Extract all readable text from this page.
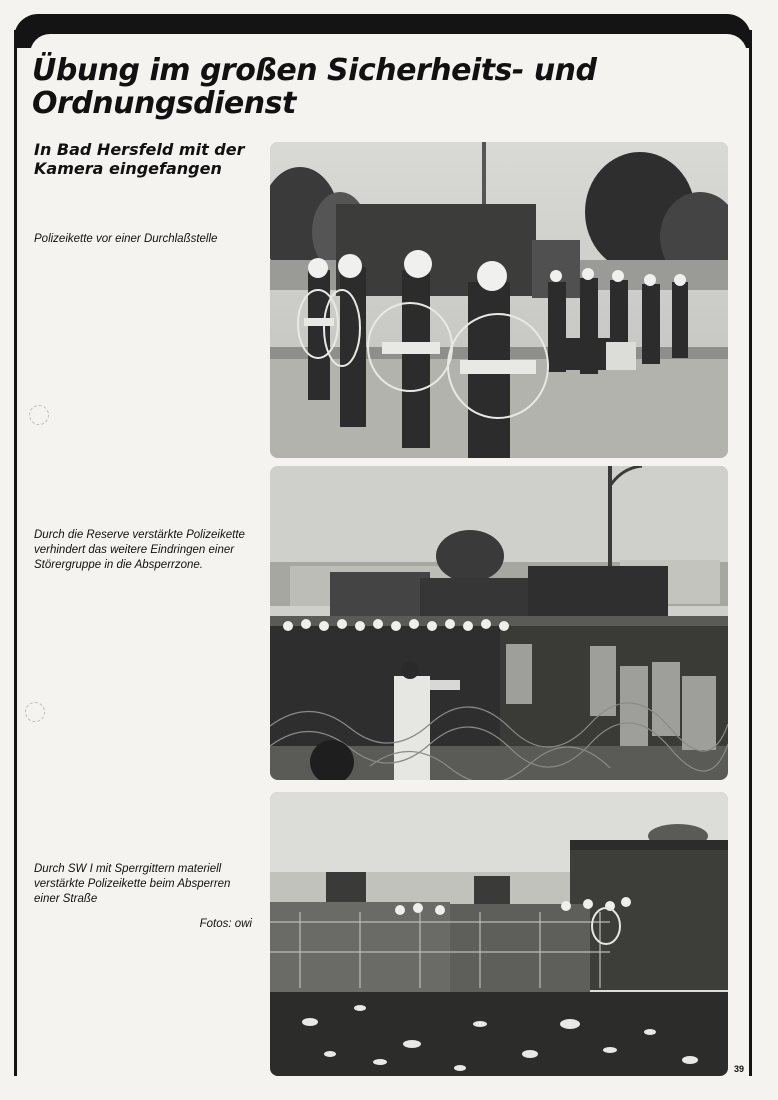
Übung im großen Sicherheits- und Ordnungsdienst
In Bad Hersfeld mit der Kamera eingefangen

Polizeikette vor einer Durchlaßstelle

Durch die Reserve verstärkte Polizeikette verhindert das weitere Eindringen einer Störergruppe in die Absperrzone.

Durch SW I mit Sperrgittern materiell verstärkte Polizeikette beim Absperren einer Straße

Fotos: owi

39
